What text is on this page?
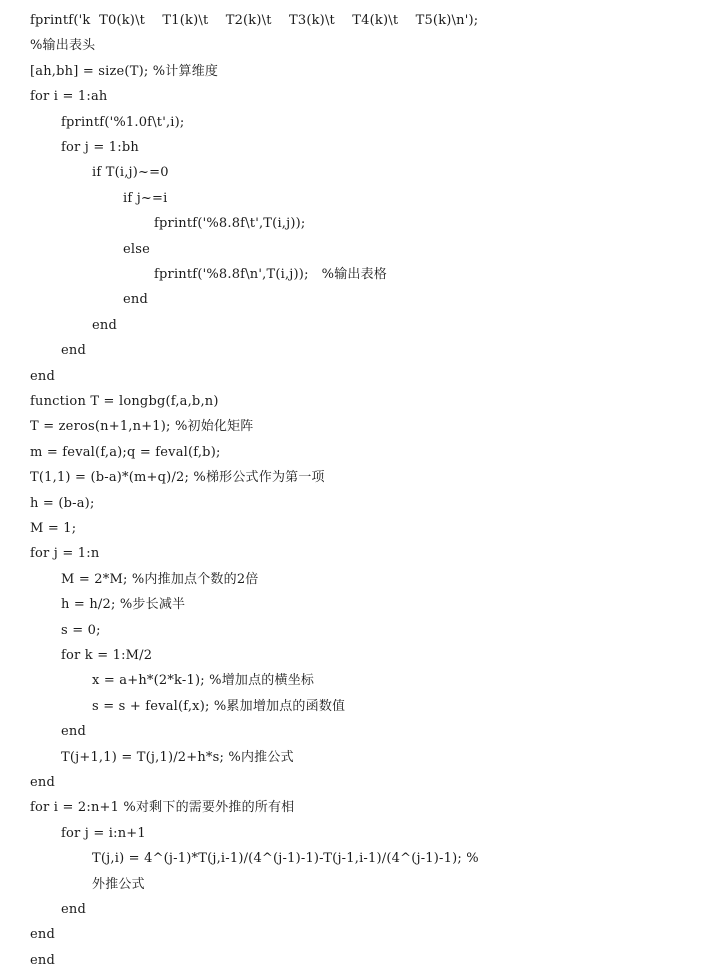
fprintf('k  T0(k)\t    T1(k)\t    T2(k)\t    T3(k)\t    T4(k)\t    T5(k)\n');
%输出表头
[ah,bh] = size(T); %计算维度
for i = 1:ah
fprintf('%1.0f\t',i);
for j = 1:bh
if T(i,j)~=0
if j~=i
fprintf('%8.8f\t',T(i,j));
else
fprintf('%8.8f\n',T(i,j));   %输出表格
end
end
end
end
function T = longbg(f,a,b,n)
T = zeros(n+1,n+1); %初始化矩阵
m = feval(f,a);q = feval(f,b);
T(1,1) = (b-a)*(m+q)/2; %梯形公式作为第一项
h = (b-a);
M = 1;
for j = 1:n
M = 2*M; %内推加点个数的2倍
h = h/2; %步长减半
s = 0;
for k = 1:M/2
x = a+h*(2*k-1); %增加点的横坐标
s = s + feval(f,x); %累加增加点的函数值
end
T(j+1,1) = T(j,1)/2+h*s; %内推公式
end
for i = 2:n+1 %对剩下的需要外推的所有相
for j = i:n+1
T(j,i) = 4^(j-1)*T(j,i-1)/(4^(j-1)-1)-T(j-1,i-1)/(4^(j-1)-1); %
外推公式
end
end
end
